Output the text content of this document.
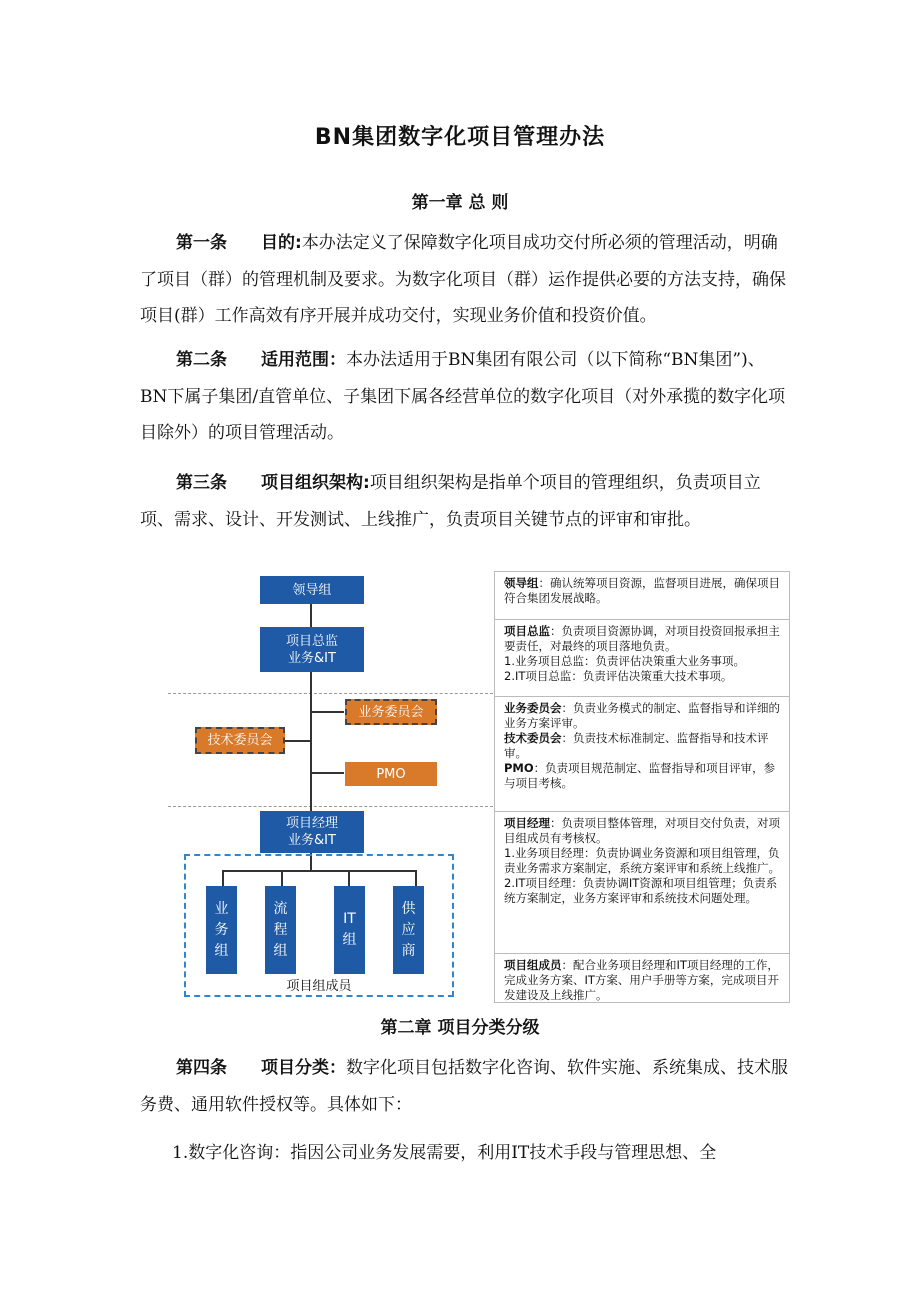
BN集团数字化项目管理办法
第一章 总 则
第一条 目的:本办法定义了保障数字化项目成功交付所必须的管理活动，明确了项目（群）的管理机制及要求。为数字化项目（群）运作提供必要的方法支持，确保项目(群）工作高效有序开展并成功交付，实现业务价值和投资价值。
第二条 适用范围：本办法适用于BN集团有限公司（以下简称“BN集团”)、BN下属子集团/直管单位、子集团下属各经营单位的数字化项目（对外承揽的数字化项目除外）的项目管理活动。
第三条 项目组织架构:项目组织架构是指单个项目的管理组织，负责项目立项、需求、设计、开发测试、上线推广，负责项目关键节点的评审和审批。
领导组
项目总监
业务&IT
业务委员会
技术委员会
PMO
项目经理
业务&IT
业
务
组
流
程
组
IT
组
供
应
商
项目组成员
领导组：确认统筹项目资源，监督项目进展，确保项目符合集团发展战略。
项目总监：负责项目资源协调，对项目投资回报承担主要责任，对最终的项目落地负责。
1.业务项目总监：负责评估决策重大业务事项。
2.IT项目总监：负责评估决策重大技术事项。
业务委员会：负责业务模式的制定、监督指导和详细的业务方案评审。
技术委员会：负责技术标准制定、监督指导和技术评审。
PMO：负责项目规范制定、监督指导和项目评审，参与项目考核。
项目经理：负责项目整体管理，对项目交付负责，对项目组成员有考核权。
1.业务项目经理：负责协调业务资源和项目组管理，负责业务需求方案制定，系统方案评审和系统上线推广。
2.IT项目经理：负责协调IT资源和项目组管理；负责系统方案制定，业务方案评审和系统技术问题处理。
项目组成员：配合业务项目经理和IT项目经理的工作，完成业务方案、IT方案、用户手册等方案，完成项目开发建设及上线推广。
第二章 项目分类分级
第四条 项目分类：数字化项目包括数字化咨询、软件实施、系统集成、技术服务费、通用软件授权等。具体如下：
1.数字化咨询：指因公司业务发展需要，利用IT技术手段与管理思想、全
